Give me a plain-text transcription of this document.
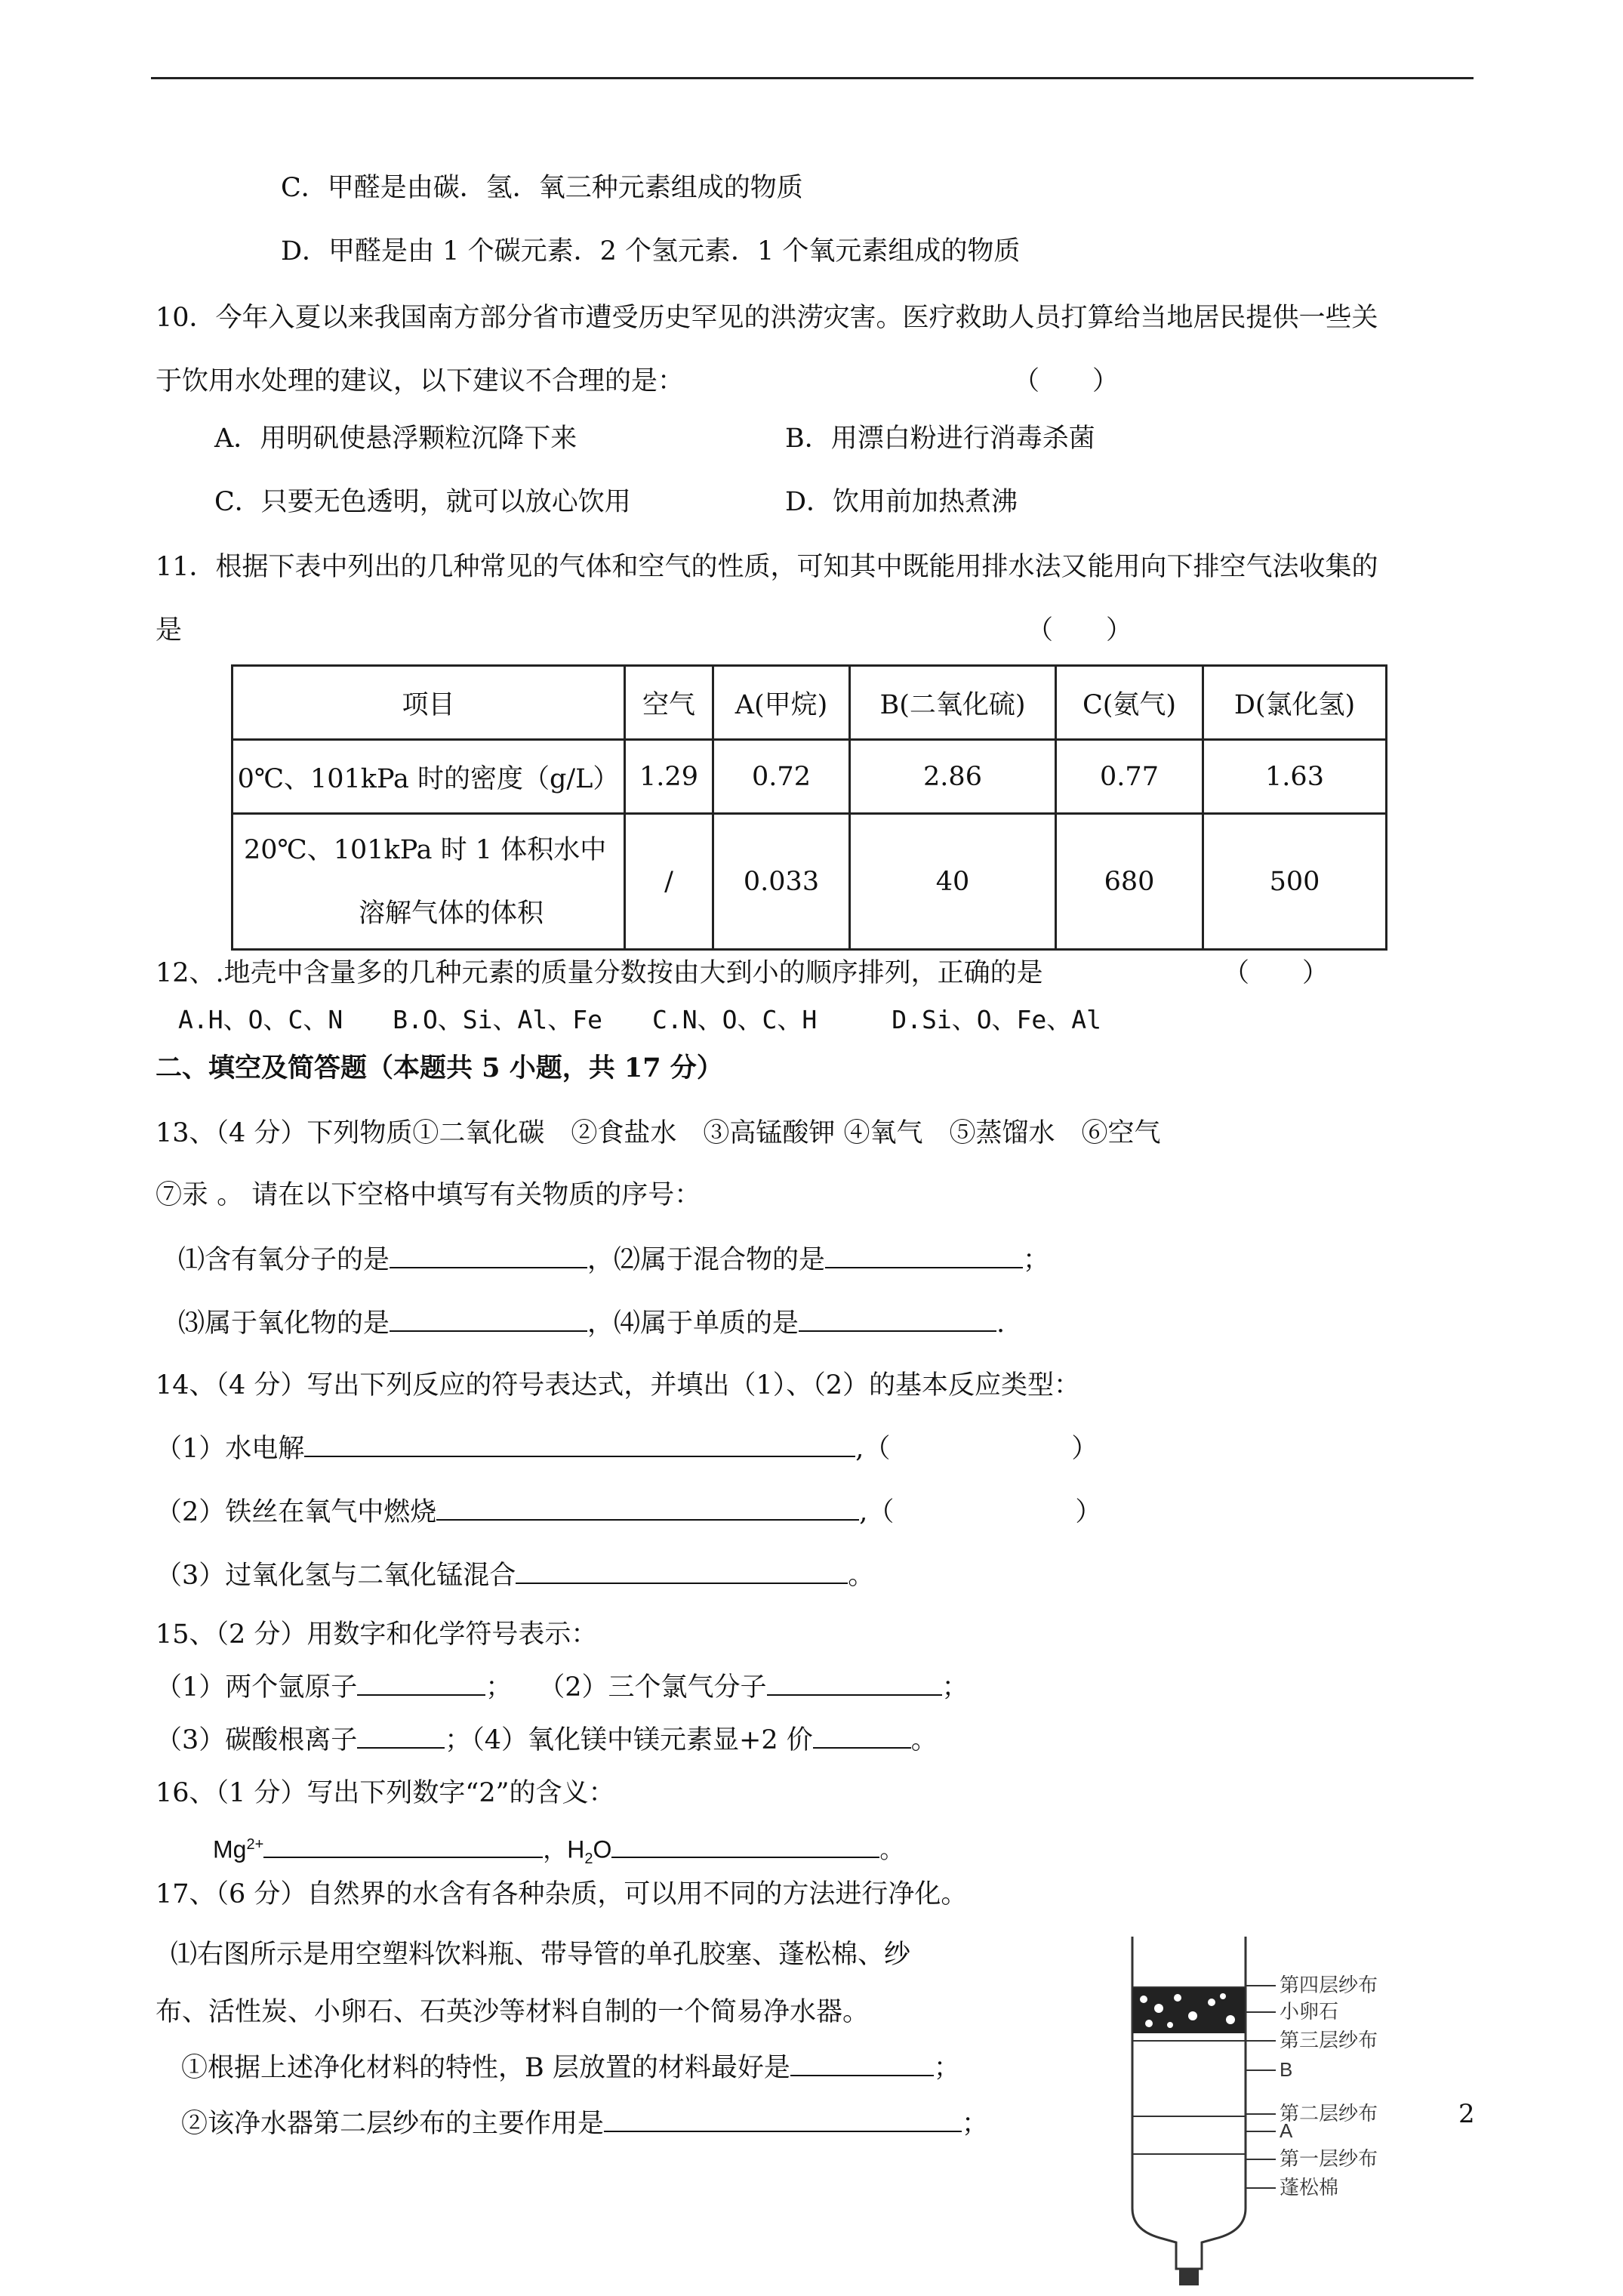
C．甲醛是由碳．氢．氧三种元素组成的物质
D．甲醛是由 1 个碳元素．2 个氢元素．1 个氧元素组成的物质
10．今年入夏以来我国南方部分省市遭受历史罕见的洪涝灾害。医疗救助人员打算给当地居民提供一些关
于饮用水处理的建议，以下建议不合理的是：	（　　）
A．用明矾使悬浮颗粒沉降下来	B．用漂白粉进行消毒杀菌
C．只要无色透明，就可以放心饮用	D．饮用前加热煮沸
11．根据下表中列出的几种常见的气体和空气的性质，可知其中既能用排水法又能用向下排空气法收集的
是	（　　）
项目	空气	A(甲烷)	B(二氧化硫)	C(氨气)	D(氯化氢)
0℃、101kPa 时的密度（g/L）	1.29	0.72	2.86	0.77	1.63

20℃、101kPa 时 1 体积水中
溶解气体的体积	/	0.033	40	680	500
12、.地壳中含量多的几种元素的质量分数按由大到小的顺序排列，正确的是	（　　）
A.H、O、C、N　　B.O、Si、Al、Fe　　C.N、O、C、H　　　D.Si、O、Fe、Al
二、填空及简答题（本题共 5 小题，共 17 分）
13、（4 分）下列物质①二氧化碳　②食盐水　③高锰酸钾 ④氧气　⑤蒸馏水　⑥空气
⑦汞 。 请在以下空格中填写有关物质的序号：
⑴含有氧分子的是	，⑵属于混合物的是	；
⑶属于氧化物的是	，⑷属于单质的是	.
14、（4 分）写出下列反应的符号表达式，并填出（1）、（2）的基本反应类型：
（1）水电解	,（	）
（2）铁丝在氧气中燃烧	,（	）
（3）过氧化氢与二氧化锰混合	。
15、（2 分）用数字和化学符号表示：
（1）两个氩原子	；　　（2）三个氯气分子	；
（3）碳酸根离子	；（4）氧化镁中镁元素显+2 价	。
16、（1 分）写出下列数字“2”的含义：
$Mg^{2+}$	，$H_2O$	。
17、（6 分）自然界的水含有各种杂质，可以用不同的方法进行净化。
⑴右图所示是用空塑料饮料瓶、带导管的单孔胶塞、蓬松棉、纱
布、活性炭、小卵石、石英沙等材料自制的一个简易净水器。
①根据上述净化材料的特性，B 层放置的材料最好是	；
②该净水器第二层纱布的主要作用是	；	2
第四层纱布
小卵石
第三层纱布
B
第二层纱布
A
第一层纱布
蓬松棉
